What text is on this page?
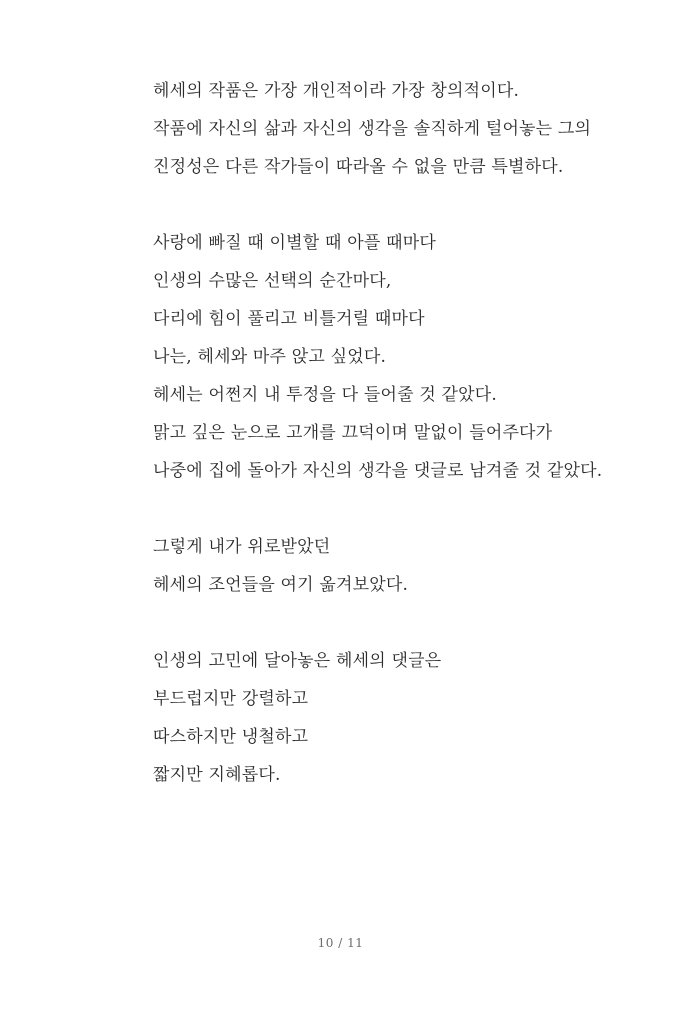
헤세의 작품은 가장 개인적이라 가장 창의적이다.
작품에 자신의 삶과 자신의 생각을 솔직하게 털어놓는 그의
진정성은 다른 작가들이 따라올 수 없을 만큼 특별하다.
사랑에 빠질 때 이별할 때 아플 때마다
인생의 수많은 선택의 순간마다,
다리에 힘이 풀리고 비틀거릴 때마다
나는, 헤세와 마주 앉고 싶었다.
헤세는 어쩐지 내 투정을 다 들어줄 것 같았다.
맑고 깊은 눈으로 고개를 끄덕이며 말없이 들어주다가
나중에 집에 돌아가 자신의 생각을 댓글로 남겨줄 것 같았다.
그렇게 내가 위로받았던
헤세의 조언들을 여기 옮겨보았다.
인생의 고민에 달아놓은 헤세의 댓글은
부드럽지만 강렬하고
따스하지만 냉철하고
짧지만 지혜롭다.
10 / 11
